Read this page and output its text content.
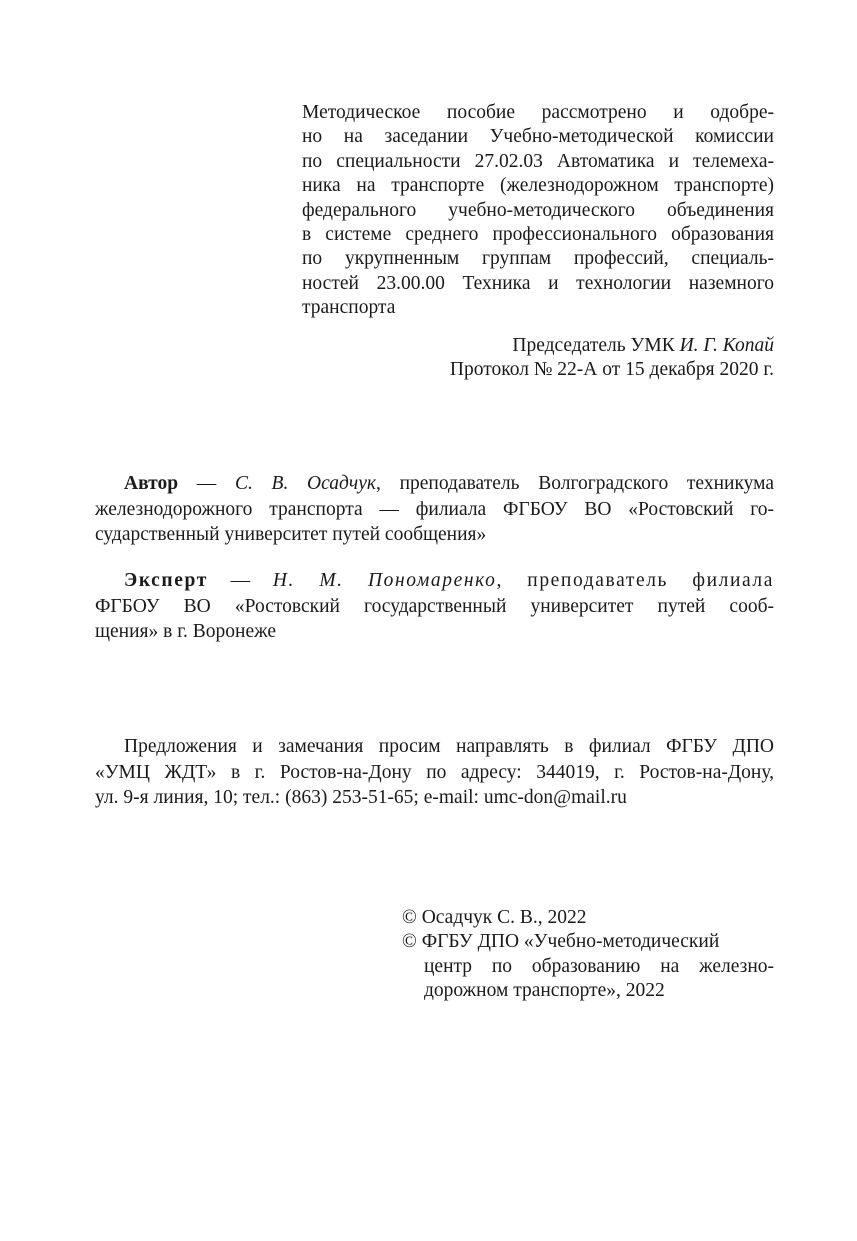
Методическое пособие рассмотрено и одобре-
но на заседании Учебно-методической комиссии
по специальности 27.02.03 Автоматика и телемеха-
ника на транспорте (железнодорожном транспорте)
федерального учебно-методического объединения
в системе среднего профессионального образования
по укрупненным группам профессий, специаль-
ностей 23.00.00 Техника и технологии наземного
транспорта
Председатель УМК И. Г. Копай
Протокол № 22-А от 15 декабря 2020 г.
Автор — С. В. Осадчук, преподаватель Волгоградского техникума
железнодорожного транспорта — филиала ФГБОУ ВО «Ростовский го-
сударственный университет путей сообщения»
Эксперт — Н. М. Пономаренко, преподаватель филиала
ФГБОУ ВО «Ростовский государственный университет путей сооб-
щения» в г. Воронеже
Предложения и замечания просим направлять в филиал ФГБУ ДПО
«УМЦ ЖДТ» в г. Ростов-на-Дону по адресу: 344019, г. Ростов-на-Дону,
ул. 9-я линия, 10; тел.: (863) 253-51-65; e-mail: umc-don@mail.ru
© Осадчук С. В., 2022
© ФГБУ ДПО «Учебно-методический
центр по образованию на железно-
дорожном транспорте», 2022
